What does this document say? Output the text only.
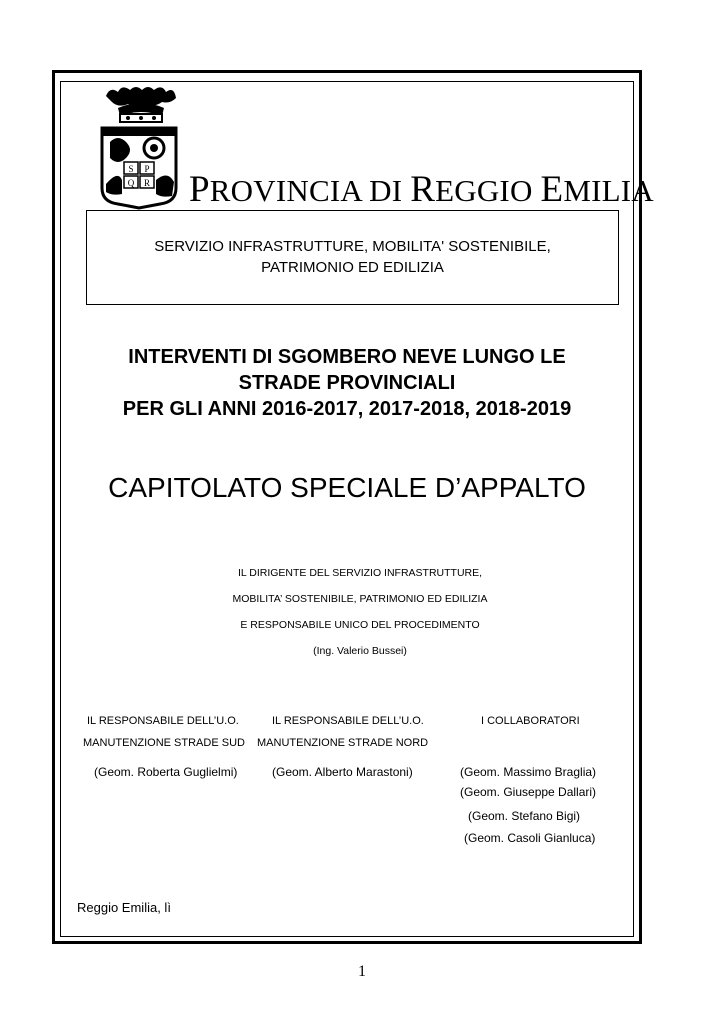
S P
Q R PROVINCIA DI REGGIO EMILIA
SERVIZIO INFRASTRUTTURE, MOBILITA' SOSTENIBILE,
PATRIMONIO ED EDILIZIA
INTERVENTI DI SGOMBERO NEVE LUNGO LE
STRADE PROVINCIALI
PER GLI ANNI 2016-2017, 2017-2018, 2018-2019
CAPITOLATO SPECIALE D’APPALTO
IL DIRIGENTE DEL SERVIZIO INFRASTRUTTURE,
MOBILITA’ SOSTENIBILE, PATRIMONIO ED EDILIZIA
E RESPONSABILE UNICO DEL PROCEDIMENTO
(Ing. Valerio Bussei)
IL RESPONSABILE DELL’U.O.
MANUTENZIONE STRADE SUD
(Geom. Roberta Guglielmi)
IL RESPONSABILE DELL’U.O.
MANUTENZIONE STRADE NORD
(Geom. Alberto Marastoni)
I COLLABORATORI
(Geom. Massimo Braglia)
(Geom. Giuseppe Dallari)
(Geom. Stefano Bigi)
(Geom. Casoli Gianluca)
Reggio Emilia, lì
1
